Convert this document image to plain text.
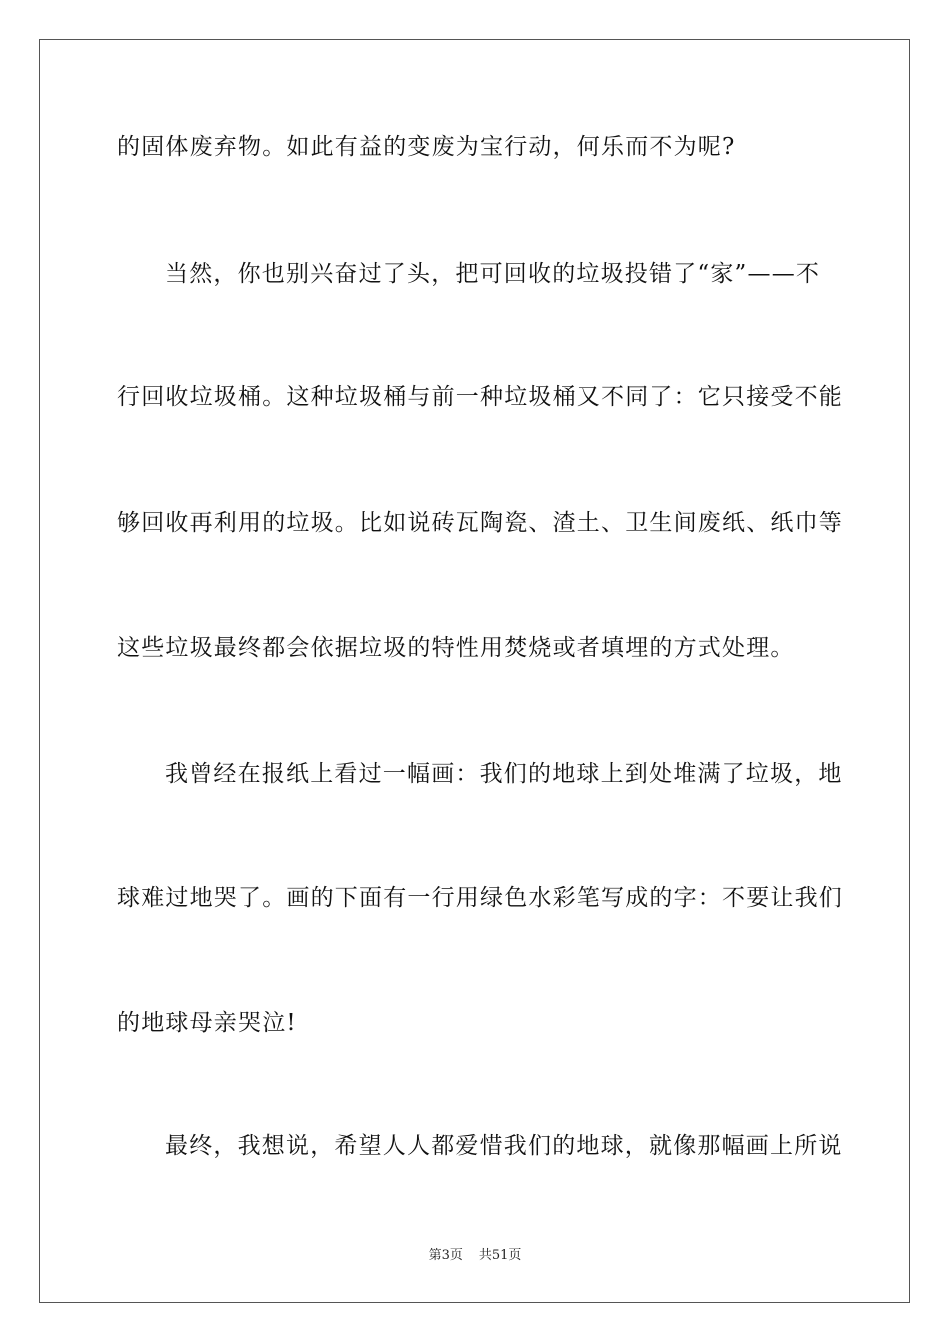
的固体废弃物。如此有益的变废为宝行动，何乐而不为呢?
当然，你也别兴奋过了头，把可回收的垃圾投错了“家”——不
行回收垃圾桶。这种垃圾桶与前一种垃圾桶又不同了：它只接受不能
够回收再利用的垃圾。比如说砖瓦陶瓷、渣土、卫生间废纸、纸巾等
这些垃圾最终都会依据垃圾的特性用焚烧或者填埋的方式处理。
我曾经在报纸上看过一幅画：我们的地球上到处堆满了垃圾，地
球难过地哭了。画的下面有一行用绿色水彩笔写成的字：不要让我们
的地球母亲哭泣!
最终，我想说，希望人人都爱惜我们的地球，就像那幅画上所说
第3页 共51页
